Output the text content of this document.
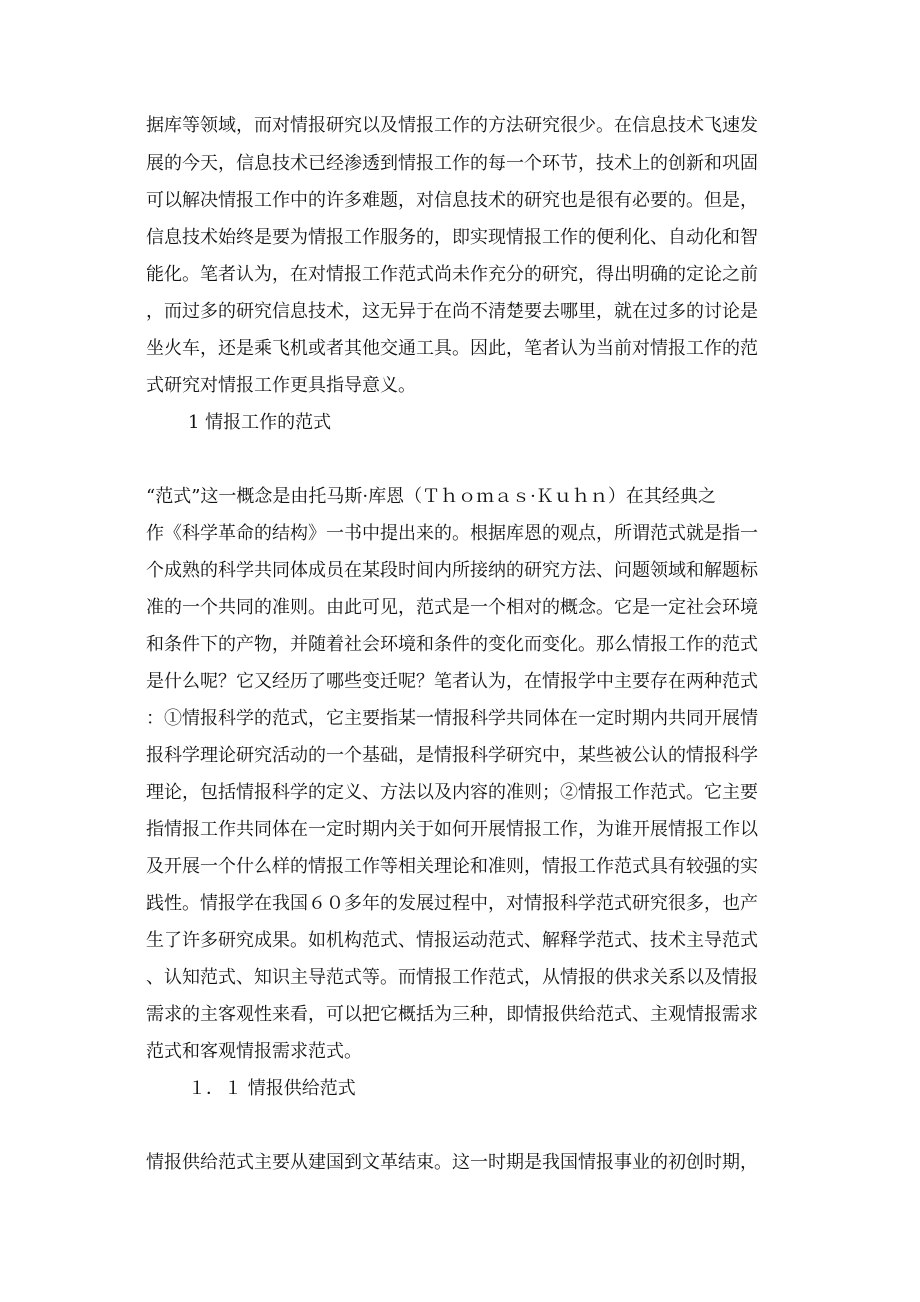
据库等领域，而对情报研究以及情报工作的方法研究很少。在信息技术飞速发
展的今天，信息技术已经渗透到情报工作的每一个环节，技术上的创新和巩固
可以解决情报工作中的许多难题，对信息技术的研究也是很有必要的。但是，
信息技术始终是要为情报工作服务的，即实现情报工作的便利化、自动化和智
能化。笔者认为，在对情报工作范式尚未作充分的研究，得出明确的定论之前
，而过多的研究信息技术，这无异于在尚不清楚要去哪里，就在过多的讨论是
坐火车，还是乘飞机或者其他交通工具。因此，笔者认为当前对情报工作的范
式研究对情报工作更具指导意义。
1 情报工作的范式
“范式”这一概念是由托马斯·库恩（Ｔｈｏｍａｓ·Ｋｕｈｎ）在其经典之
作《科学革命的结构》一书中提出来的。根据库恩的观点，所谓范式就是指一
个成熟的科学共同体成员在某段时间内所接纳的研究方法、问题领域和解题标
准的一个共同的准则。由此可见，范式是一个相对的概念。它是一定社会环境
和条件下的产物，并随着社会环境和条件的变化而变化。那么情报工作的范式
是什么呢？它又经历了哪些变迁呢？笔者认为，在情报学中主要存在两种范式
：①情报科学的范式，它主要指某一情报科学共同体在一定时期内共同开展情
报科学理论研究活动的一个基础，是情报科学研究中，某些被公认的情报科学
理论，包括情报科学的定义、方法以及内容的准则；②情报工作范式。它主要
指情报工作共同体在一定时期内关于如何开展情报工作，为谁开展情报工作以
及开展一个什么样的情报工作等相关理论和准则，情报工作范式具有较强的实
践性。情报学在我国６０多年的发展过程中，对情报科学范式研究很多，也产
生了许多研究成果。如机构范式、情报运动范式、解释学范式、技术主导范式
、认知范式、知识主导范式等。而情报工作范式，从情报的供求关系以及情报
需求的主客观性来看，可以把它概括为三种，即情报供给范式、主观情报需求
范式和客观情报需求范式。
１．１ 情报供给范式
情报供给范式主要从建国到文革结束。这一时期是我国情报事业的初创时期，
